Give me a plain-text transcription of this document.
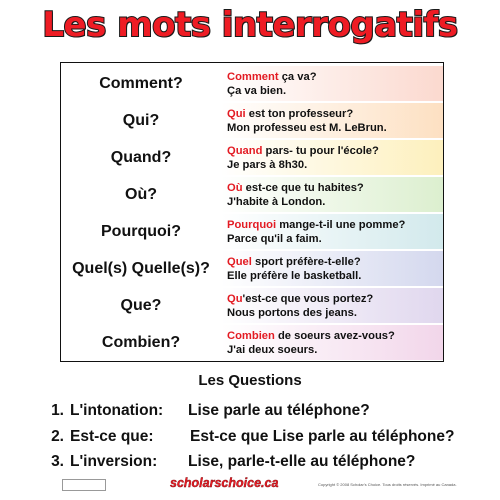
Les mots interrogatifs
Comment?	Comment ça va?
Ça va bien.
Qui?	Qui est ton professeur?
Mon professeu est M. LeBrun.
Quand?	Quand pars- tu pour l'école?
Je pars à 8h30.
Où?	Où est-ce que tu habites?
J'habite à London.
Pourquoi?	Pourquoi mange-t-il une pomme?
Parce qu'il a faim.
Quel(s) Quelle(s)?	Quel sport préfère-t-elle?
Elle préfère le basketball.
Que?	Qu'est-ce que vous portez?
Nous portons des jeans.
Combien?	Combien de soeurs avez-vous?
J'ai deux soeurs.
Les Questions
1. L'intonation: Lise parle au téléphone?
2. Est-ce que: Est-ce que Lise parle au téléphone?
3. L'inversion: Lise, parle-t-elle au téléphone?
scholarschoice.ca	Copyright © 2008 Scholar's Choice. Tous droits réservés. Imprimé au Canada.
